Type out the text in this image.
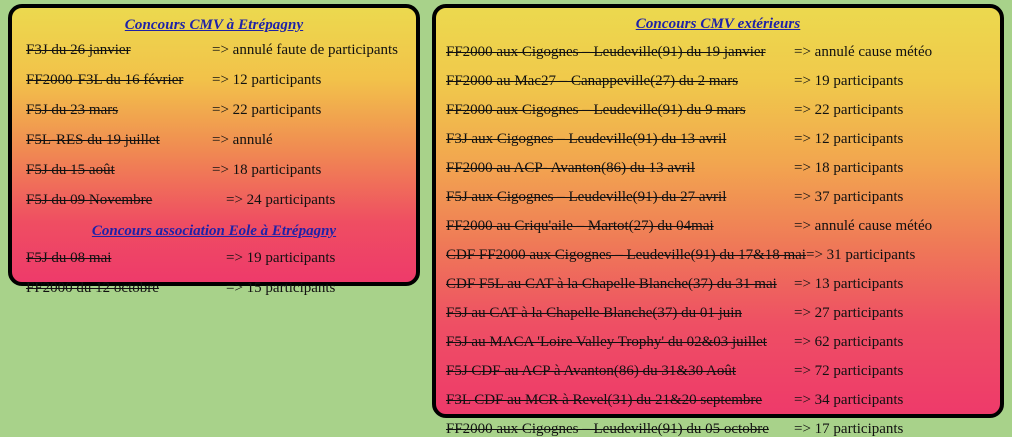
Concours CMV à Etrépagny
F3J du 26 janvier	=> annulé faute de participants
FF2000-F3L du 16 février	=> 12 participants
F5J du 23 mars	=> 22 participants
F5L-RES du 19 juillet	=> annulé
F5J du 15 août	=> 18 participants
F5J du 09 Novembre	=> 24 participants
Concours association Eole à Etrépagny
F5J du 08 mai	=> 19 participants
FF2000 du 12 octobre	=> 15 participants
Concours CMV extérieurs
FF2000 aux Cigognes – Leudeville(91) du 19 janvier	=> annulé cause météo
FF2000 au Mac27 – Canappeville(27) du 2 mars	=> 19 participants
FF2000 aux Cigognes – Leudeville(91) du 9 mars	=> 22 participants
F3J aux Cigognes – Leudeville(91) du 13 avril	=> 12 participants
FF2000 au ACP- Avanton(86) du 13 avril	=> 18 participants
F5J aux Cigognes – Leudeville(91) du 27 avril	=> 37 participants
FF2000 au Criqu'aile – Martot(27) du 04mai	=> annulé cause météo
CDF FF2000 aux Cigognes – Leudeville(91) du 17&18 mai => 31 participants
CDF F5L au CAT à la Chapelle Blanche(37) du 31 mai	=> 13 participants
F5J au CAT à la Chapelle Blanche(37) du 01 juin	=> 27 participants
F5J au MACA 'Loire Valley Trophy' du 02&03 juillet	=> 62 participants
F5J CDF au ACP à Avanton(86) du 31&30 Août	=> 72 participants
F3L CDF au MCR à Revel(31) du 21&20 septembre	=> 34 participants
FF2000 aux Cigognes – Leudeville(91) du 05 octobre	=> 17 participants
